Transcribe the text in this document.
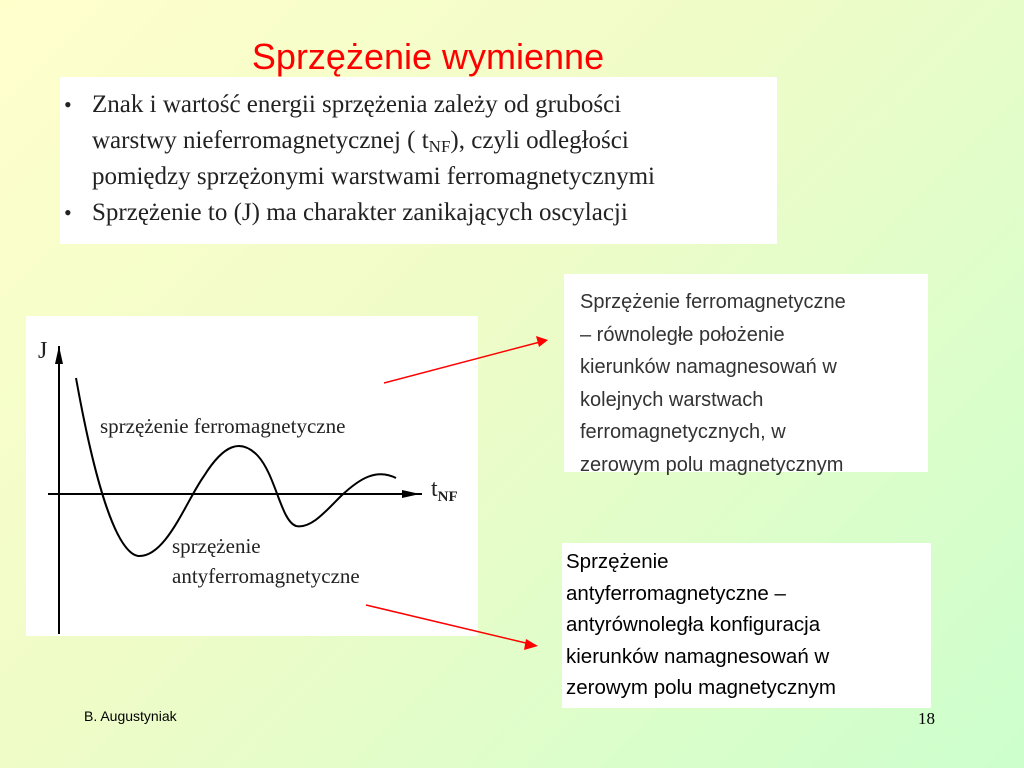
Sprzężenie wymienne
• Znak i wartość energii sprzężenia zależy od grubości
warstwy nieferromagnetycznej ( $t_{NF}$), czyli odległości
pomiędzy sprzężonymi warstwami ferromagnetycznymi
• Sprzężenie to (J) ma charakter zanikających oscylacji
J
$t_{NF}$
sprzężenie ferromagnetyczne
sprzężenie
antyferromagnetyczne
Sprzężenie ferromagnetyczne
– równoległe położenie
kierunków namagnesowań w
kolejnych warstwach
ferromagnetycznych, w
zerowym polu magnetycznym
Sprzężenie
antyferromagnetyczne –
antyrównoległa konfiguracja
kierunków namagnesowań w
zerowym polu magnetycznym
B. Augustyniak	18
